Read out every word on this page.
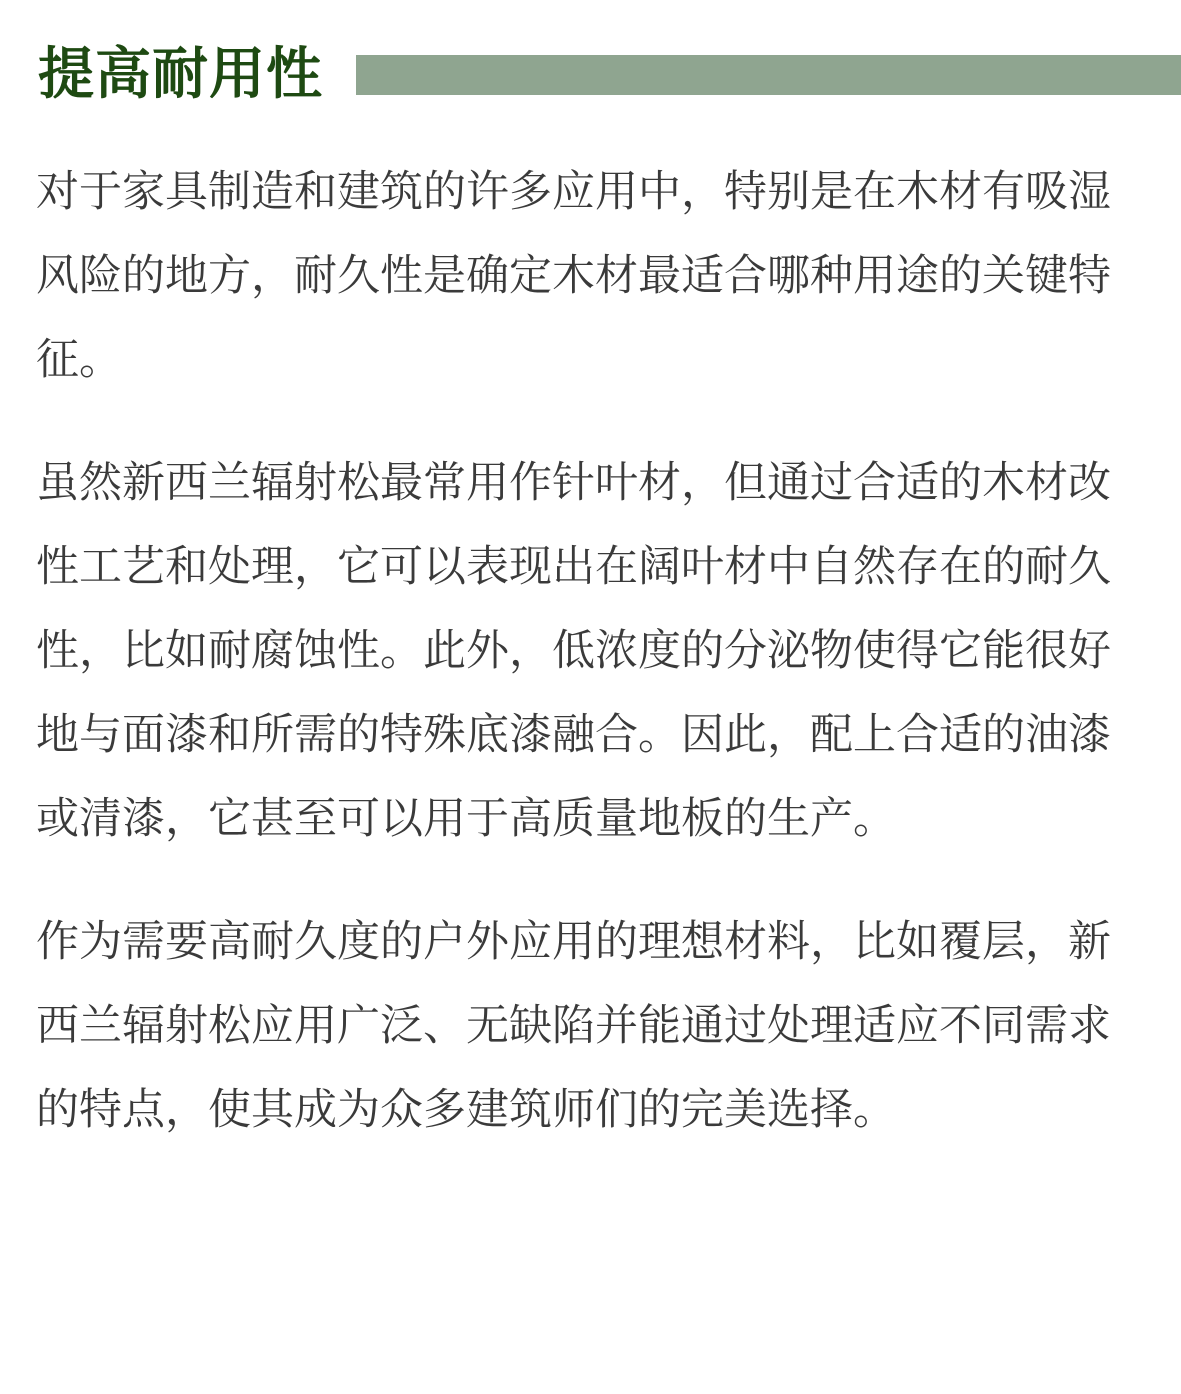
提高耐用性

对于家具制造和建筑的许多应用中，特别是在木材有吸湿风险的地方，耐久性是确定木材最适合哪种用途的关键特征。

虽然新西兰辐射松最常用作针叶材，但通过合适的木材改性工艺和处理，它可以表现出在阔叶材中自然存在的耐久性，比如耐腐蚀性。此外，低浓度的分泌物使得它能很好地与面漆和所需的特殊底漆融合。因此，配上合适的油漆或清漆，它甚至可以用于高质量地板的生产。

作为需要高耐久度的户外应用的理想材料，比如覆层，新西兰辐射松应用广泛、无缺陷并能通过处理适应不同需求的特点，使其成为众多建筑师们的完美选择。
